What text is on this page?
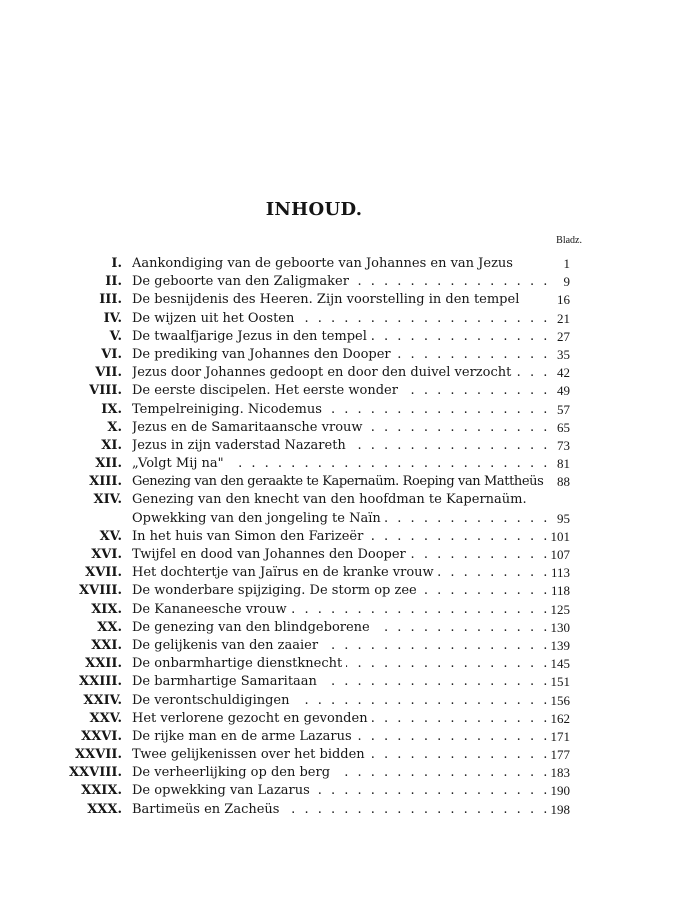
INHOUD.
Bladz.
I. Aankondiging van de geboorte van Johannes en van Jezus	1
II. De geboorte van den Zaligmaker . . .	9
III. De besnijdenis des Heeren. Zijn voorstelling in den tempel	16
IV. De wijzen uit het Oosten . . .	21
V. De twaalfjarige Jezus in den tempel . . .	27
VI. De prediking van Johannes den Dooper . . .	35
VII. Jezus door Johannes gedoopt en door den duivel verzocht . . .	42
VIII. De eerste discipelen. Het eerste wonder . . .	49
IX. Tempelreiniging. Nicodemus . . .	57
X. Jezus en de Samaritaansche vrouw . . .	65
XI. Jezus in zijn vaderstad Nazareth . . .	73
XII. „Volgt Mij na" . . .	81
XIII. Genezing van den geraakte te Kapernaüm. Roeping van Mattheüs	88
XIV. Genezing van den knecht van den hoofdman te Kapernaüm.
Opwekking van den jongeling te Naïn . . .	95
XV. In het huis van Simon den Farizeër . . .	101
XVI. Twijfel en dood van Johannes den Dooper . . .	107
XVII. Het dochtertje van Jaïrus en de kranke vrouw . . .	113
XVIII. De wonderbare spijziging. De storm op zee . . .	118
XIX. De Kananeesche vrouw . . .	125
XX. De genezing van den blindgeborene . . .	130
XXI. De gelijkenis van den zaaier . . .	139
XXII. De onbarmhartige dienstknecht . . .	145
XXIII. De barmhartige Samaritaan . . .	151
XXIV. De verontschuldigingen . . .	156
XXV. Het verlorene gezocht en gevonden . . .	162
XXVI. De rijke man en de arme Lazarus . . .	171
XXVII. Twee gelijkenissen over het bidden . . .	177
XXVIII. De verheerlijking op den berg . . .	183
XXIX. De opwekking van Lazarus . . .	190
XXX. Bartimeüs en Zacheüs . . .	198
